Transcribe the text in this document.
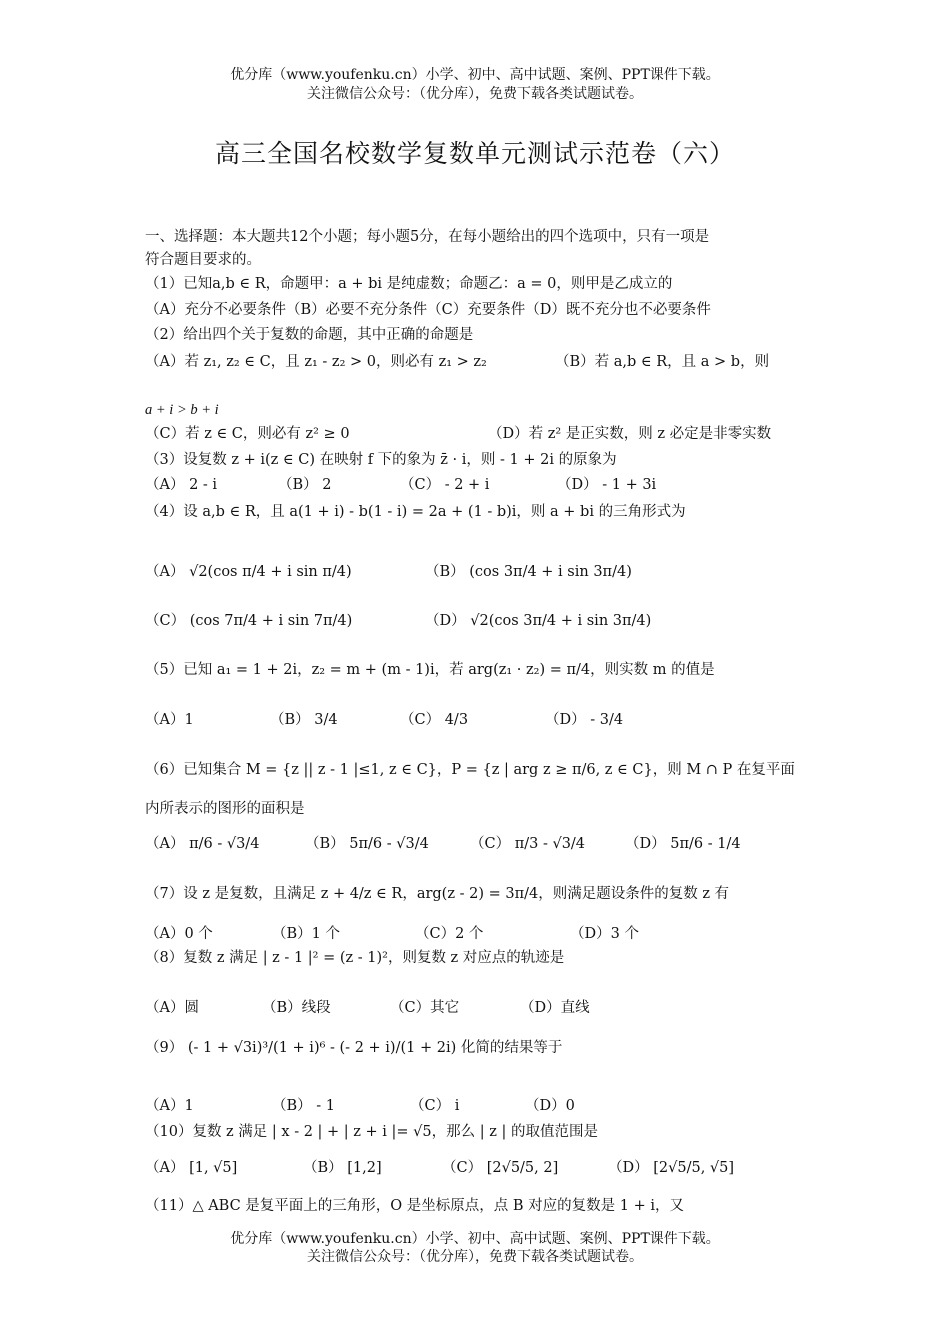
优分库（www.youfenku.cn）小学、初中、高中试题、案例、PPT课件下载。
关注微信公众号：（优分库），免费下载各类试题试卷。
高三全国名校数学复数单元测试示范卷（六）
一、选择题：本大题共12个小题；每小题5分，在每小题给出的四个选项中，只有一项是
符合题目要求的。
（1）已知a,b ∈ R，命题甲：a + bi 是纯虚数；命题乙：a = 0，则甲是乙成立的
（A）充分不必要条件（B）必要不充分条件（C）充要条件（D）既不充分也不必要条件
（2）给出四个关于复数的命题，其中正确的命题是
（A）若 z₁, z₂ ∈ C，且 z₁ - z₂ > 0，则必有 z₁ > z₂	（B）若 a,b ∈ R，且 a > b，则
a + i > b + i
（C）若 z ∈ C，则必有 z² ≥ 0	（D）若 z² 是正实数，则 z 必定是非零实数
（3）设复数 z + i(z ∈ C) 在映射 f 下的象为 z̄ · i，则 - 1 + 2i 的原象为
（A） 2 - i	（B） 2	（C） - 2 + i	（D） - 1 + 3i
（4）设 a,b ∈ R，且 a(1 + i) - b(1 - i) = 2a + (1 - b)i，则 a + bi 的三角形式为
（A） √2(cos π/4 + i sin π/4)	（B） (cos 3π/4 + i sin 3π/4)
（C） (cos 7π/4 + i sin 7π/4)	（D） √2(cos 3π/4 + i sin 3π/4)
（5）已知 a₁ = 1 + 2i，z₂ = m + (m - 1)i，若 arg(z₁ · z₂) = π/4，则实数 m 的值是
（A）1	（B） 3/4	（C） 4/3	（D） - 3/4
（6）已知集合 M = {z || z - 1 |≤1, z ∈ C}，P = {z | arg z ≥ π/6, z ∈ C}，则 M ∩ P 在复平面
内所表示的图形的面积是
（A） π/6 - √3/4	（B） 5π/6 - √3/4	（C） π/3 - √3/4	（D） 5π/6 - 1/4
（7）设 z 是复数，且满足 z + 4/z ∈ R，arg(z - 2) = 3π/4，则满足题设条件的复数 z 有
（A）0 个	（B）1 个	（C）2 个	（D）3 个
（8）复数 z 满足 | z - 1 |² = (z - 1)²，则复数 z 对应点的轨迹是
（A）圆	（B）线段	（C）其它	（D）直线
（9） (- 1 + √3i)³/(1 + i)⁶ - (- 2 + i)/(1 + 2i) 化简的结果等于
（A）1	（B） - 1	（C） i	（D）0
（10）复数 z 满足 | x - 2 | + | z + i |= √5，那么 | z | 的取值范围是
（A） [1, √5]	（B） [1,2]	（C） [2√5/5, 2]	（D） [2√5/5, √5]
（11）△ ABC 是复平面上的三角形，O 是坐标原点，点 B 对应的复数是 1 + i，又
优分库（www.youfenku.cn）小学、初中、高中试题、案例、PPT课件下载。
关注微信公众号：（优分库），免费下载各类试题试卷。
